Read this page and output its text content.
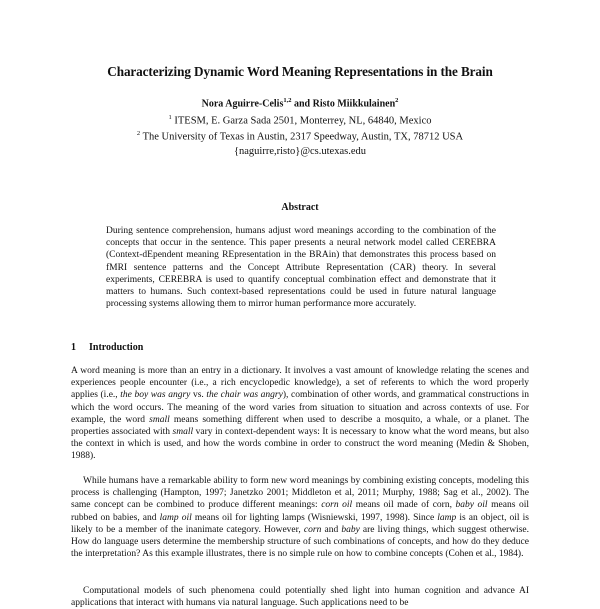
Characterizing Dynamic Word Meaning Representations in the Brain
Nora Aguirre-Celis$^{1,2}$ and Risto Miikkulainen$^2$
$^1$ ITESM, E. Garza Sada 2501, Monterrey, NL, 64840, Mexico
$^2$ The University of Texas in Austin, 2317 Speedway, Austin, TX, 78712 USA
{naguirre,risto}@cs.utexas.edu
Abstract
During sentence comprehension, humans adjust word meanings according to the combination of the concepts that occur in the sentence. This paper presents a neural network model called CEREBRA (Context-dEpendent meaning REpresentation in the BRAin) that demonstrates this process based on fMRI sentence patterns and the Concept Attribute Representation (CAR) theory. In several experiments, CEREBRA is used to quantify conceptual combination effect and demonstrate that it matters to humans. Such context-based representations could be used in future natural language processing systems allowing them to mirror human performance more accurately.
1 Introduction
A word meaning is more than an entry in a dictionary. It involves a vast amount of knowledge relating the scenes and experiences people encounter (i.e., a rich encyclopedic knowledge), a set of referents to which the word properly applies (i.e., the boy was angry vs. the chair was angry), combination of other words, and grammatical constructions in which the word occurs. The meaning of the word varies from situation to situation and across contexts of use. For example, the word small means something different when used to describe a mosquito, a whale, or a planet. The properties associated with small vary in context-dependent ways: It is necessary to know what the word means, but also the context in which is used, and how the words combine in order to construct the word meaning (Medin & Shoben, 1988).
While humans have a remarkable ability to form new word meanings by combining existing concepts, modeling this process is challenging (Hampton, 1997; Janetzko 2001; Middleton et al, 2011; Murphy, 1988; Sag et al., 2002). The same concept can be combined to produce different meanings: corn oil means oil made of corn, baby oil means oil rubbed on babies, and lamp oil means oil for lighting lamps (Wisniewski, 1997, 1998). Since lamp is an object, oil is likely to be a member of the inanimate category. However, corn and baby are living things, which suggest otherwise. How do language users determine the membership structure of such combinations of concepts, and how do they deduce the interpretation? As this example illustrates, there is no simple rule on how to combine concepts (Cohen et al., 1984).
Computational models of such phenomena could potentially shed light into human cognition and advance AI applications that interact with humans via natural language. Such applications need to be
